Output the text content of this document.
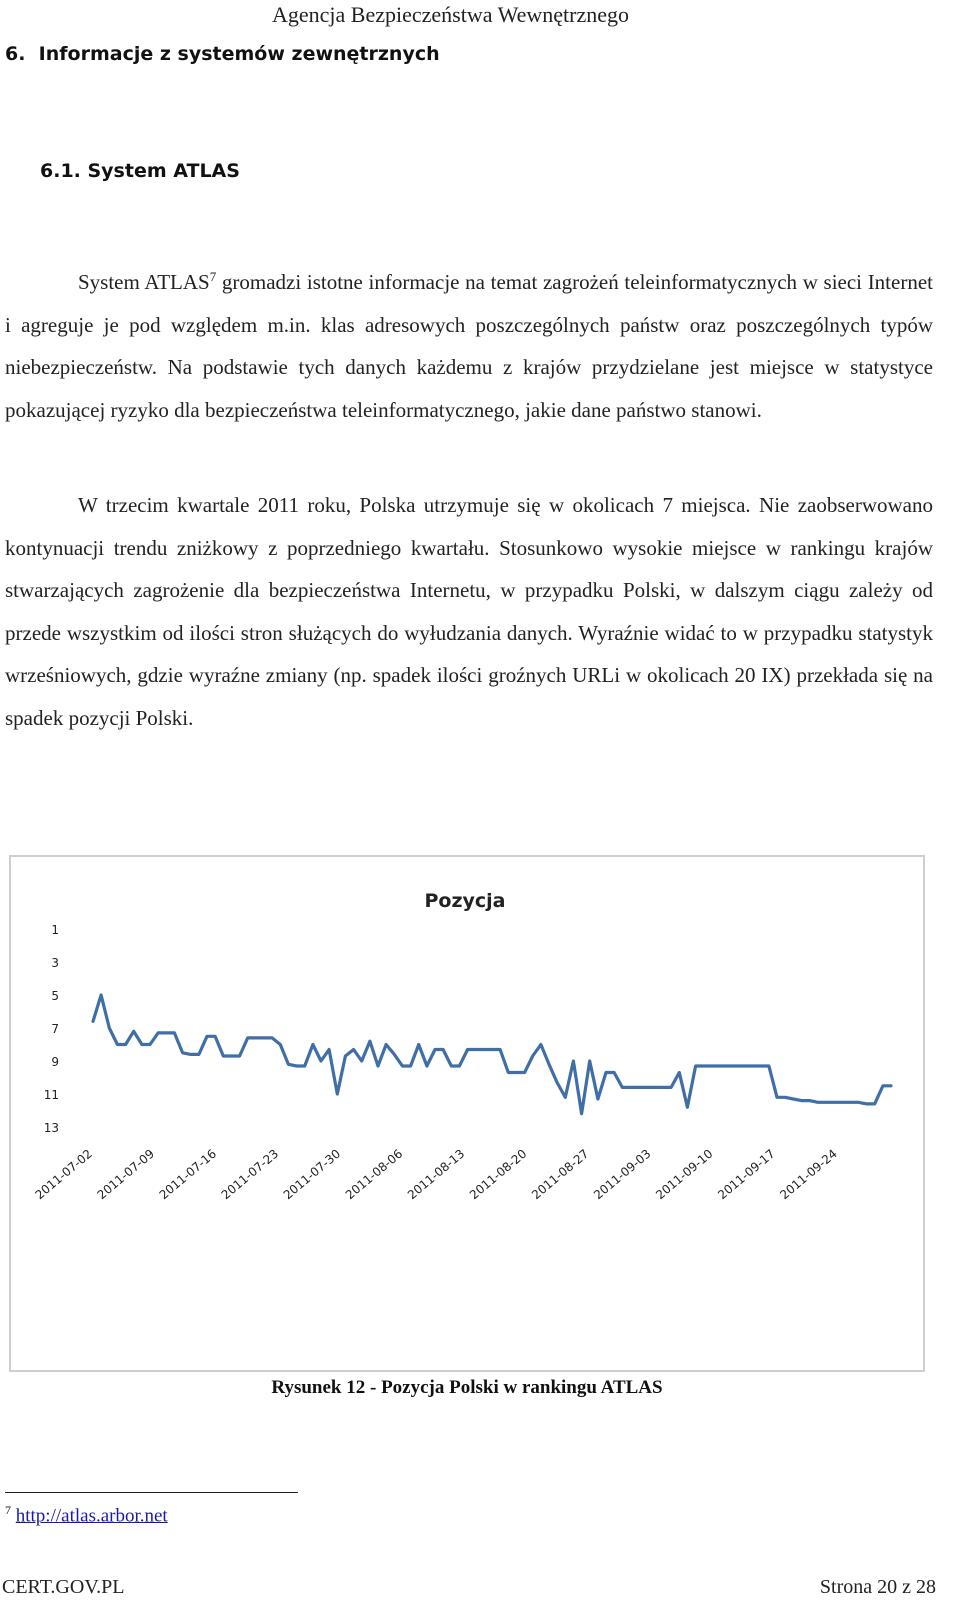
Agencja Bezpieczeństwa Wewnętrznego
6.  Informacje z systemów zewnętrznych
6.1. System ATLAS

System ATLAS$^7$ gromadzi istotne informacje na temat zagrożeń teleinformatycznych w sieci Internet i agreguje je pod względem m.in. klas adresowych poszczególnych państw oraz poszczególnych typów niebezpieczeństw. Na podstawie tych danych każdemu z krajów przydzielane jest miejsce w statystyce pokazującej ryzyko dla bezpieczeństwa teleinformatycznego, jakie dane państwo stanowi.

W trzecim kwartale 2011 roku, Polska utrzymuje się w okolicach 7 miejsca. Nie zaobserwowano kontynuacji trendu zniżkowy z poprzedniego kwartału. Stosunkowo wysokie miejsce w rankingu krajów stwarzających zagrożenie dla bezpieczeństwa Internetu, w przypadku Polski, w dalszym ciągu zależy od przede wszystkim od ilości stron służących do wyłudzania danych. Wyraźnie widać to w przypadku statystyk wrześniowych, gdzie wyraźne zmiany (np. spadek ilości groźnych URLi w okolicach 20 IX) przekłada się na spadek pozycji Polski.

Pozycja
1
3
5
7
9
11
13
2011-07-02 2011-07-09 2011-07-16 2011-07-23 2011-07-30 2011-08-06 2011-08-13 2011-08-20 2011-08-27 2011-09-03 2011-09-10 2011-09-17 2011-09-24
Rysunek 12 - Pozycja Polski w rankingu ATLAS
$^7$ http://atlas.arbor.net
CERT.GOV.PL	Strona 20 z 28
